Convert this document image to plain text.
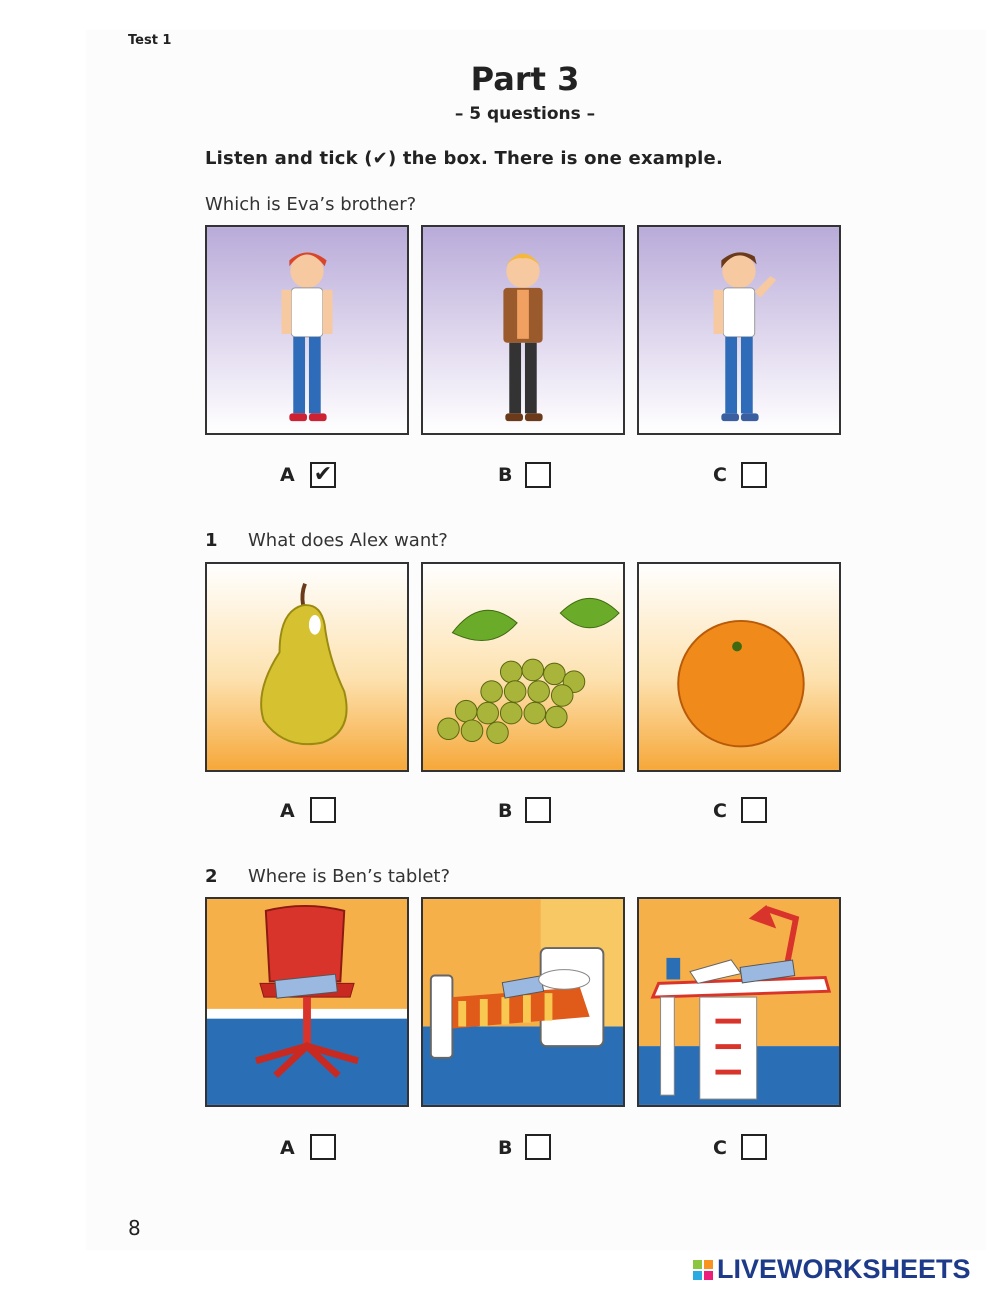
Test 1
Part 3
– 5 questions –
Listen and tick (✔) the box. There is one example.
Which is Eva’s brother?
A ✔	B	C
1 What does Alex want?
A	B	C
2 Where is Ben’s tablet?
A	B	C
8
LIVEWORKSHEETS
